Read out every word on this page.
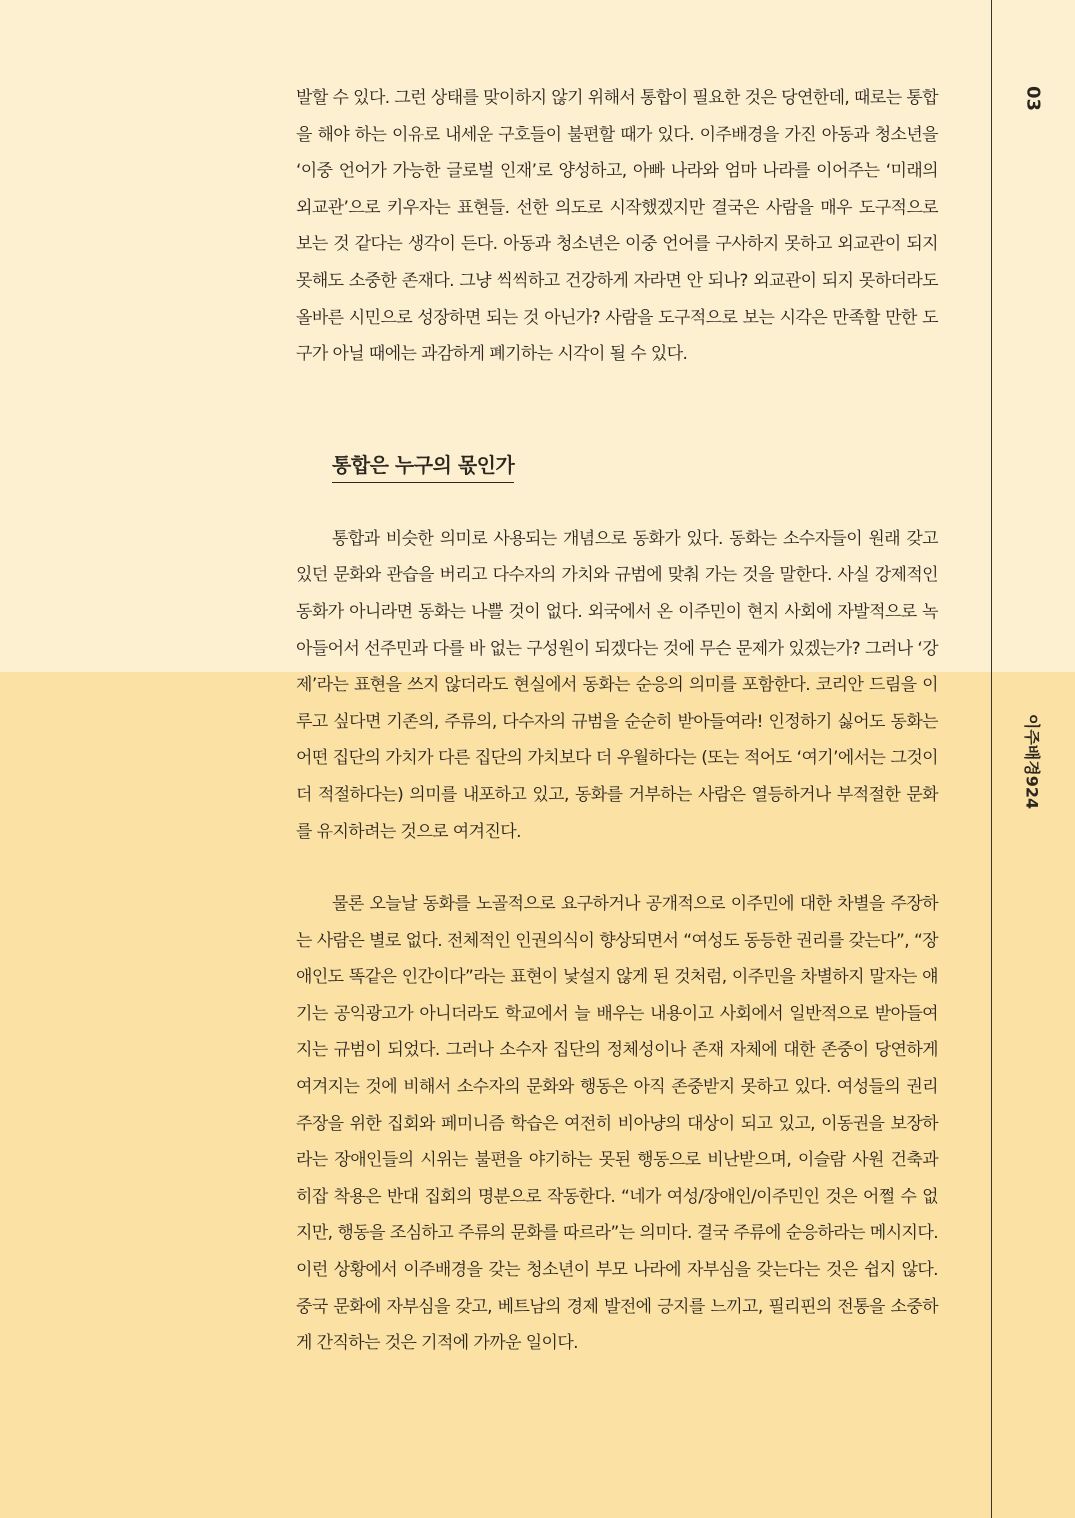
03
이주배경924

발할 수 있다. 그런 상태를 맞이하지 않기 위해서 통합이 필요한 것은 당연한데, 때로는 통합을 해야 하는 이유로 내세운 구호들이 불편할 때가 있다. 이주배경을 가진 아동과 청소년을 ‘이중 언어가 가능한 글로벌 인재’로 양성하고, 아빠 나라와 엄마 나라를 이어주는 ‘미래의 외교관’으로 키우자는 표현들. 선한 의도로 시작했겠지만 결국은 사람을 매우 도구적으로 보는 것 같다는 생각이 든다. 아동과 청소년은 이중 언어를 구사하지 못하고 외교관이 되지 못해도 소중한 존재다. 그냥 씩씩하고 건강하게 자라면 안 되나? 외교관이 되지 못하더라도 올바른 시민으로 성장하면 되는 것 아닌가? 사람을 도구적으로 보는 시각은 만족할 만한 도구가 아닐 때에는 과감하게 폐기하는 시각이 될 수 있다.

통합은 누구의 몫인가

통합과 비슷한 의미로 사용되는 개념으로 동화가 있다. 동화는 소수자들이 원래 갖고 있던 문화와 관습을 버리고 다수자의 가치와 규범에 맞춰 가는 것을 말한다. 사실 강제적인 동화가 아니라면 동화는 나쁠 것이 없다. 외국에서 온 이주민이 현지 사회에 자발적으로 녹아들어서 선주민과 다를 바 없는 구성원이 되겠다는 것에 무슨 문제가 있겠는가? 그러나 ‘강제’라는 표현을 쓰지 않더라도 현실에서 동화는 순응의 의미를 포함한다. 코리안 드림을 이루고 싶다면 기존의, 주류의, 다수자의 규범을 순순히 받아들여라! 인정하기 싫어도 동화는 어떤 집단의 가치가 다른 집단의 가치보다 더 우월하다는 (또는 적어도 ‘여기’에서는 그것이 더 적절하다는) 의미를 내포하고 있고, 동화를 거부하는 사람은 열등하거나 부적절한 문화를 유지하려는 것으로 여겨진다.

물론 오늘날 동화를 노골적으로 요구하거나 공개적으로 이주민에 대한 차별을 주장하는 사람은 별로 없다. 전체적인 인권의식이 향상되면서 “여성도 동등한 권리를 갖는다”, “장애인도 똑같은 인간이다”라는 표현이 낯설지 않게 된 것처럼, 이주민을 차별하지 말자는 얘기는 공익광고가 아니더라도 학교에서 늘 배우는 내용이고 사회에서 일반적으로 받아들여지는 규범이 되었다. 그러나 소수자 집단의 정체성이나 존재 자체에 대한 존중이 당연하게 여겨지는 것에 비해서 소수자의 문화와 행동은 아직 존중받지 못하고 있다. 여성들의 권리 주장을 위한 집회와 페미니즘 학습은 여전히 비아냥의 대상이 되고 있고, 이동권을 보장하라는 장애인들의 시위는 불편을 야기하는 못된 행동으로 비난받으며, 이슬람 사원 건축과 히잡 착용은 반대 집회의 명분으로 작동한다. “네가 여성/장애인/이주민인 것은 어쩔 수 없지만, 행동을 조심하고 주류의 문화를 따르라”는 의미다. 결국 주류에 순응하라는 메시지다. 이런 상황에서 이주배경을 갖는 청소년이 부모 나라에 자부심을 갖는다는 것은 쉽지 않다. 중국 문화에 자부심을 갖고, 베트남의 경제 발전에 긍지를 느끼고, 필리핀의 전통을 소중하게 간직하는 것은 기적에 가까운 일이다.
